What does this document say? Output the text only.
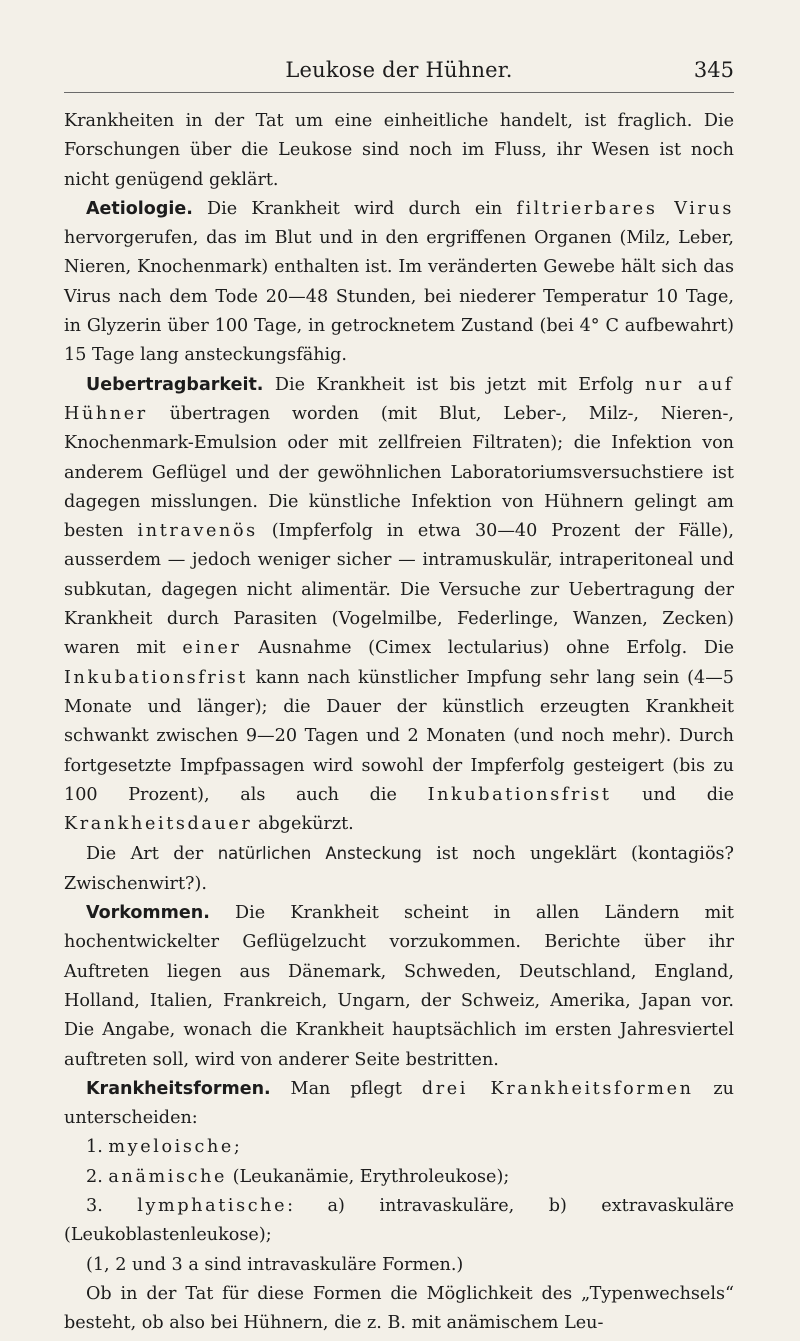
Leukose der Hühner.	345

Krankheiten in der Tat um eine einheitliche handelt, ist fraglich. Die Forschungen über die Leukose sind noch im Fluss, ihr Wesen ist noch nicht genügend geklärt.

Aetiologie. Die Krankheit wird durch ein filtrierbares Virus hervorgerufen, das im Blut und in den ergriffenen Organen (Milz, Leber, Nieren, Knochenmark) enthalten ist. Im veränderten Gewebe hält sich das Virus nach dem Tode 20—48 Stunden, bei niederer Temperatur 10 Tage, in Glyzerin über 100 Tage, in getrocknetem Zustand (bei 4° C aufbewahrt) 15 Tage lang ansteckungsfähig.

Uebertragbarkeit. Die Krankheit ist bis jetzt mit Erfolg nur auf Hühner übertragen worden (mit Blut, Leber-, Milz-, Nieren-, Knochenmark-Emulsion oder mit zellfreien Filtraten); die Infektion von anderem Geflügel und der gewöhnlichen Laboratoriumsversuchstiere ist dagegen misslungen. Die künstliche Infektion von Hühnern gelingt am besten intravenös (Impferfolg in etwa 30—40 Prozent der Fälle), ausserdem — jedoch weniger sicher — intramuskulär, intraperitoneal und subkutan, dagegen nicht alimentär. Die Versuche zur Uebertragung der Krankheit durch Parasiten (Vogelmilbe, Federlinge, Wanzen, Zecken) waren mit einer Ausnahme (Cimex lectularius) ohne Erfolg. Die Inkubationsfrist kann nach künstlicher Impfung sehr lang sein (4—5 Monate und länger); die Dauer der künstlich erzeugten Krankheit schwankt zwischen 9—20 Tagen und 2 Monaten (und noch mehr). Durch fortgesetzte Impfpassagen wird sowohl der Impferfolg gesteigert (bis zu 100 Prozent), als auch die Inkubationsfrist und die Krankheitsdauer abgekürzt.

Die Art der natürlichen Ansteckung ist noch ungeklärt (kontagiös? Zwischenwirt?).

Vorkommen. Die Krankheit scheint in allen Ländern mit hochentwickelter Geflügelzucht vorzukommen. Berichte über ihr Auftreten liegen aus Dänemark, Schweden, Deutschland, England, Holland, Italien, Frankreich, Ungarn, der Schweiz, Amerika, Japan vor. Die Angabe, wonach die Krankheit hauptsächlich im ersten Jahresviertel auftreten soll, wird von anderer Seite bestritten.

Krankheitsformen. Man pflegt drei Krankheitsformen zu unterscheiden:

1. myeloische;

2. anämische (Leukanämie, Erythroleukose);

3. lymphatische: a) intravaskuläre, b) extravaskuläre (Leukoblastenleukose);

(1, 2 und 3 a sind intravaskuläre Formen.)

Ob in der Tat für diese Formen die Möglichkeit des „Typenwechsels“ besteht, ob also bei Hühnern, die z. B. mit anämischem Leu-
